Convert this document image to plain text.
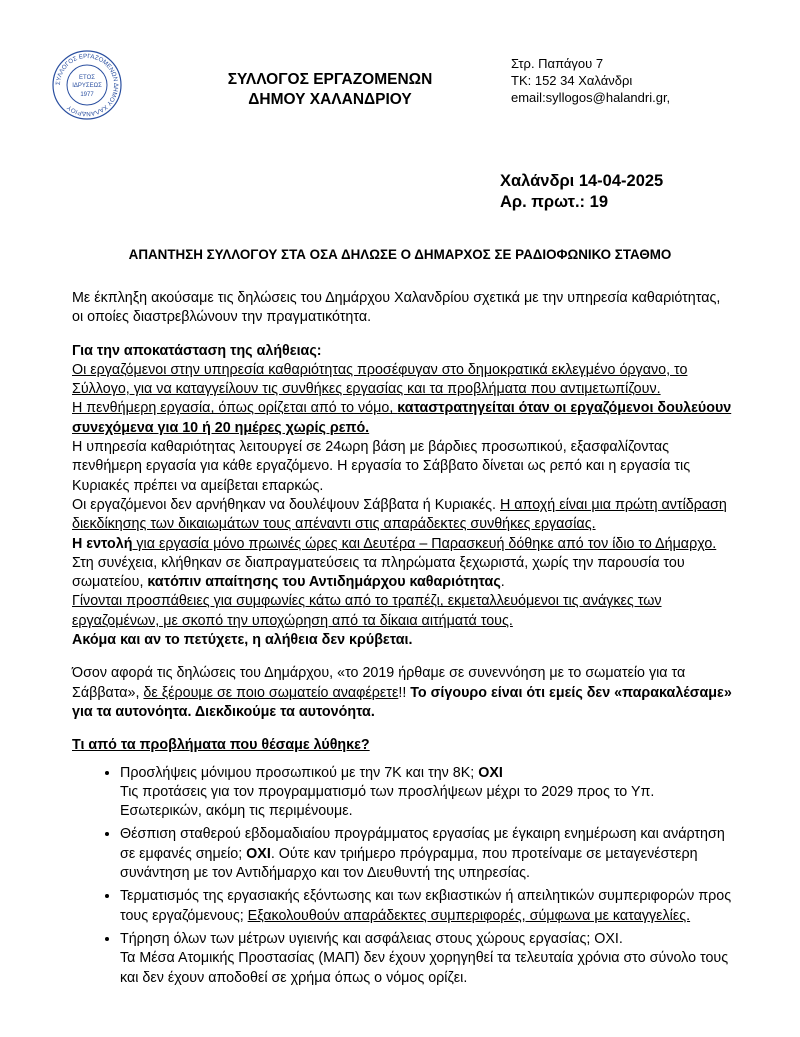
ΣΥΛΛΟΓΟΣ ΕΡΓΑΖΟΜΕΝΩΝ ΔΗΜΟΥ ΧΑΛΑΝΔΡΙΟΥ
ΕΤΟΣ
ΙΔΡΥΣΕΩΣ
1977
ΣΥΛΛΟΓΟΣ ΕΡΓΑΖΟΜΕΝΩΝ
ΔΗΜΟΥ ΧΑΛΑΝΔΡΙΟΥ
Στρ. Παπάγου 7
ΤΚ: 152 34 Χαλάνδρι
email:syllogos@halandri.gr,
Χαλάνδρι 14-04-2025
Αρ. πρωτ.: 19
ΑΠΑΝΤΗΣΗ ΣΥΛΛΟΓΟΥ ΣΤΑ ΟΣΑ ΔΗΛΩΣΕ Ο ΔΗΜΑΡΧΟΣ ΣΕ ΡΑΔΙΟΦΩΝΙΚΟ ΣΤΑΘΜΟ

Με έκπληξη ακούσαμε τις δηλώσεις του Δημάρχου Χαλανδρίου σχετικά με την υπηρεσία καθαριότητας, οι οποίες διαστρεβλώνουν την πραγματικότητα.

Για την αποκατάσταση της αλήθειας:

Οι εργαζόμενοι στην υπηρεσία καθαριότητας προσέφυγαν στο δημοκρατικά εκλεγμένο όργανο, το Σύλλογο, για να καταγγείλουν τις συνθήκες εργασίας και τα προβλήματα που αντιμετωπίζουν.

Η πενθήμερη εργασία, όπως ορίζεται από το νόμο, καταστρατηγείται όταν οι εργαζόμενοι δουλεύουν συνεχόμενα για 10 ή 20 ημέρες χωρίς ρεπό.

Η υπηρεσία καθαριότητας λειτουργεί σε 24ωρη βάση με βάρδιες προσωπικού, εξασφαλίζοντας πενθήμερη εργασία για κάθε εργαζόμενο. Η εργασία το Σάββατο δίνεται ως ρεπό και η εργασία τις Κυριακές πρέπει να αμείβεται επαρκώς.

Οι εργαζόμενοι δεν αρνήθηκαν να δουλέψουν Σάββατα ή Κυριακές. Η αποχή είναι μια πρώτη αντίδραση διεκδίκησης των δικαιωμάτων τους απέναντι στις απαράδεκτες συνθήκες εργασίας.

Η εντολή για εργασία μόνο πρωινές ώρες και Δευτέρα – Παρασκευή δόθηκε από τον ίδιο το Δήμαρχο. Στη συνέχεια, κλήθηκαν σε διαπραγματεύσεις τα πληρώματα ξεχωριστά, χωρίς την παρουσία του σωματείου, κατόπιν απαίτησης του Αντιδημάρχου καθαριότητας.

Γίνονται προσπάθειες για συμφωνίες κάτω από το τραπέζι, εκμεταλλευόμενοι τις ανάγκες των εργαζομένων, με σκοπό την υποχώρηση από τα δίκαια αιτήματά τους.

Ακόμα και αν το πετύχετε, η αλήθεια δεν κρύβεται.

Όσον αφορά τις δηλώσεις του Δημάρχου, «το 2019 ήρθαμε σε συνεννόηση με το σωματείο για τα Σάββατα», δε ξέρουμε σε ποιο σωματείο αναφέρετε!! Το σίγουρο είναι ότι εμείς δεν «παρακαλέσαμε» για τα αυτονόητα. Διεκδικούμε τα αυτονόητα.

Τι από τα προβλήματα που θέσαμε λύθηκε?

• Προσλήψεις μόνιμου προσωπικού με την 7Κ και την 8Κ; ΟΧΙ
Τις προτάσεις για τον προγραμματισμό των προσλήψεων μέχρι το 2029 προς το Υπ. Εσωτερικών, ακόμη τις περιμένουμε.
• Θέσπιση σταθερού εβδομαδιαίου προγράμματος εργασίας με έγκαιρη ενημέρωση και ανάρτηση σε εμφανές σημείο; ΟΧΙ. Ούτε καν τριήμερο πρόγραμμα, που προτείναμε σε μεταγενέστερη συνάντηση με τον Αντιδήμαρχο και τον Διευθυντή της υπηρεσίας.
• Τερματισμός της εργασιακής εξόντωσης και των εκβιαστικών ή απειλητικών συμπεριφορών προς τους εργαζόμενους; Εξακολουθούν απαράδεκτες συμπεριφορές, σύμφωνα με καταγγελίες.
• Τήρηση όλων των μέτρων υγιεινής και ασφάλειας στους χώρους εργασίας; ΟΧΙ.
Τα Μέσα Ατομικής Προστασίας (ΜΑΠ) δεν έχουν χορηγηθεί τα τελευταία χρόνια στο σύνολο τους και δεν έχουν αποδοθεί σε χρήμα όπως ο νόμος ορίζει.
